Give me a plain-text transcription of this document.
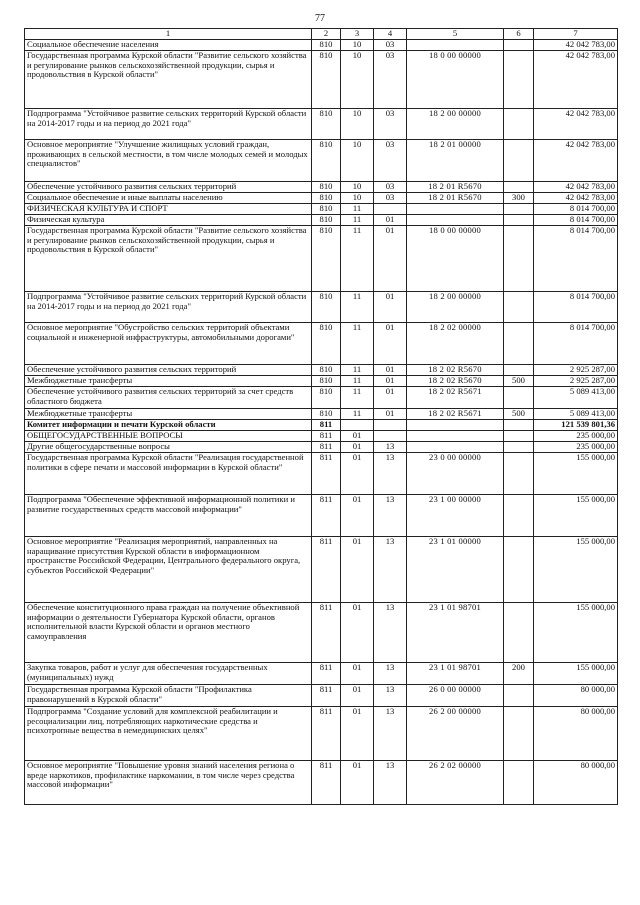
77
1	2	3	4	5	6	7
Социальное обеспечение населения	810	10	03			42 042 783,00
Государственная программа Курской области "Развитие сельского хозяйства и регулирование рынков сельскохозяйственной продукции, сырья и продовольствия в Курской области"	810	10	03	18 0 00 00000		42 042 783,00
Подпрограмма "Устойчивое развитие сельских территорий Курской области на 2014-2017 годы и на период до 2021 года"	810	10	03	18 2 00 00000		42 042 783,00
Основное мероприятие "Улучшение жилищных условий граждан, проживающих в сельской местности, в том числе молодых семей и молодых специалистов"	810	10	03	18 2 01 00000		42 042 783,00
Обеспечение устойчивого развития сельских территорий	810	10	03	18 2 01 R5670		42 042 783,00
Социальное обеспечение и иные выплаты населению	810	10	03	18 2 01 R5670	300	42 042 783,00
ФИЗИЧЕСКАЯ КУЛЬТУРА И СПОРТ	810	11				8 014 700,00
Физическая культура	810	11	01			8 014 700,00
Государственная программа Курской области "Развитие сельского хозяйства и регулирование рынков сельскохозяйственной продукции, сырья и продовольствия в Курской области"	810	11	01	18 0 00 00000		8 014 700,00
Подпрограмма "Устойчивое развитие сельских территорий Курской области на 2014-2017 годы и на период до 2021 года"	810	11	01	18 2 00 00000		8 014 700,00
Основное мероприятие "Обустройство сельских территорий объектами социальной и инженерной инфраструктуры, автомобильными дорогами"	810	11	01	18 2 02 00000		8 014 700,00
Обеспечение устойчивого развития сельских территорий	810	11	01	18 2 02 R5670		2 925 287,00
Межбюджетные трансферты	810	11	01	18 2 02 R5670	500	2 925 287,00
Обеспечение устойчивого развития сельских территорий за счет средств областного бюджета	810	11	01	18 2 02 R5671		5 089 413,00
Межбюджетные трансферты	810	11	01	18 2 02 R5671	500	5 089 413,00
Комитет информации и печати Курской области	811					121 539 801,36
ОБЩЕГОСУДАРСТВЕННЫЕ ВОПРОСЫ	811	01				235 000,00
Другие общегосударственные вопросы	811	01	13			235 000,00
Государственная программа Курской области "Реализация государственной политики в сфере печати и массовой информации в Курской области"	811	01	13	23 0 00 00000		155 000,00
Подпрограмма "Обеспечение эффективной информационной политики и развитие государственных средств массовой информации"	811	01	13	23 1 00 00000		155 000,00
Основное мероприятие "Реализация мероприятий, направленных на наращивание присутствия Курской области в информационном пространстве Российской Федерации, Центрального федерального округа, субъектов Российской Федерации"	811	01	13	23 1 01 00000		155 000,00
Обеспечение конституционного права граждан на получение объективной информации о деятельности Губернатора Курской области, органов исполнительной власти Курской области и органов местного самоуправления	811	01	13	23 1 01 98701		155 000,00
Закупка товаров, работ и услуг для обеспечения государственных (муниципальных) нужд	811	01	13	23 1 01 98701	200	155 000,00
Государственная программа Курской области "Профилактика правонарушений в Курской области"	811	01	13	26 0 00 00000		80 000,00
Подпрограмма "Создание условий для комплексной реабилитации и ресоциализации лиц, потребляющих наркотические средства и психотропные вещества в немедицинских целях"	811	01	13	26 2 00 00000		80 000,00
Основное мероприятие "Повышение уровня знаний населения региона о вреде наркотиков, профилактике наркомании, в том числе через средства массовой информации"	811	01	13	26 2 02 00000		80 000,00
